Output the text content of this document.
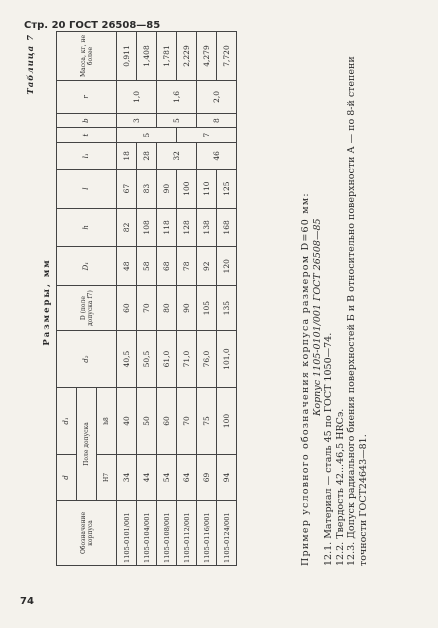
Стр. 20 ГОСТ 26508—85
74
Таблица 7
Размеры, мм
Обозначение корпуса	d	d₁	d₂	D (поле допуска f7)	D₁	h	l	l₁	t	b	r	Масса, кг, не более
	Поле допуска											
	H7	h8										
1105-0101/001	34	40	40,5	60	48	82	67	18	5	3	1,0	0,911
1105-0104/001	44	50	50,5	70	58	108	83	28				1,408
1105-0108/001	54	60	61,0	80	68	118	90	32		5	1,6	1,781
1105-0112/001	64	70	71,0	90	78	128	100		7			2,229
1105-0116/001	69	75	76,0	105	92	138	110	46		8	2,0	4,279
1105-0124/001	94	100	101,0	135	120	168	125					7,720

Пример условного обозначения корпуса размером D=60 мм: Корпус 1105-0101/001 ГОСТ 26508—85

12.1. Материал — сталь 45 по ГОСТ 1050—74. 12.2. Твердость 42...46,5 HRCэ. 12.3. Допуск радиального биения поверхностей Б и В относительно поверхности А — по 8-й степени точности ГОСТ24643—81.
